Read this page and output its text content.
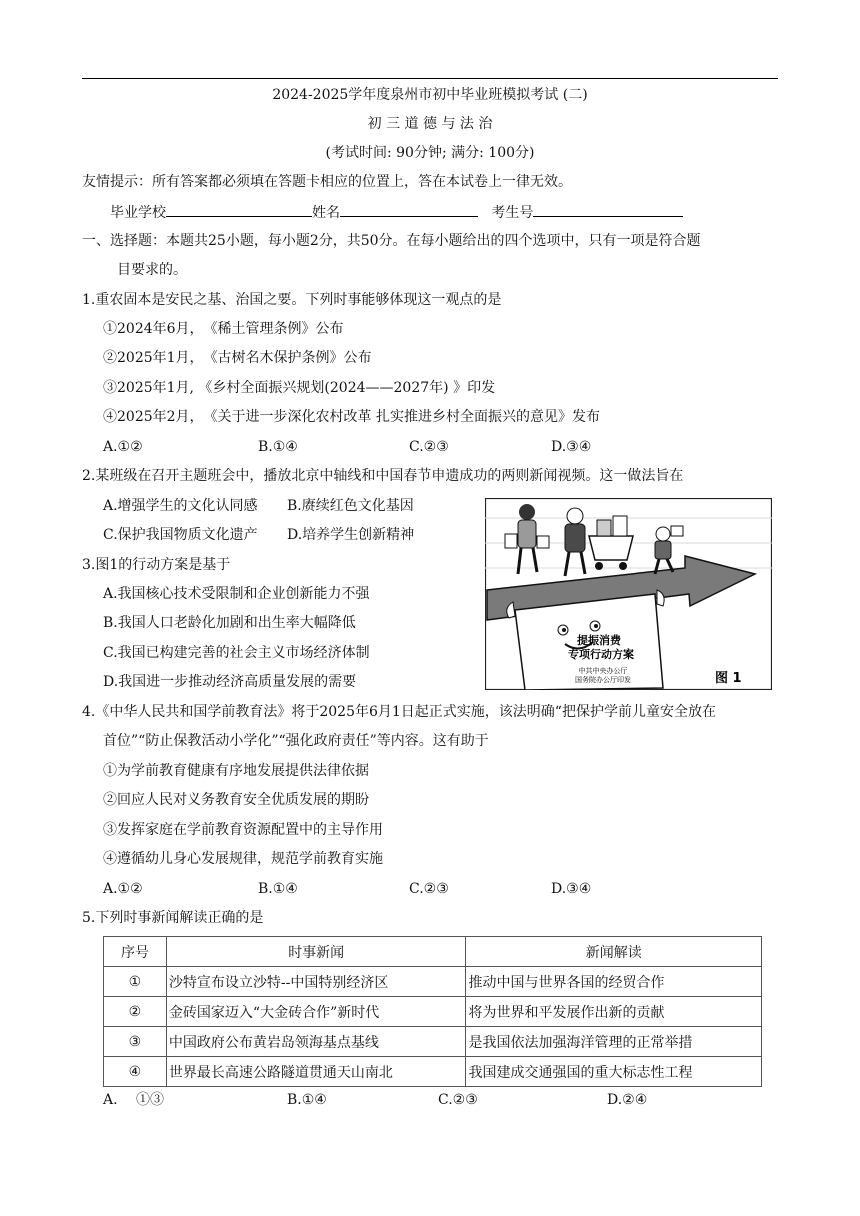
2024-2025学年度泉州市初中毕业班模拟考试 (二)
初 三 道 德 与 法 治
(考试时间: 90分钟; 满分: 100分)
友情提示：所有答案都必须填在答题卡相应的位置上，答在本试卷上一律无效。
毕业学校	姓名	考生号
一、选择题：本题共25小题，每小题2分，共50分。在每小题给出的四个选项中，只有一项是符合题
目要求的。
1.重农固本是安民之基、治国之要。下列时事能够体现这一观点的是
①2024年6月，　《稀土管理条例》公布
②2025年1月，　《古树名木保护条例》公布
③2025年1月, 《乡村全面振兴规划(2024——2027年) 》印发
④2025年2月，　《关于进一步深化农村改革 扎实推进乡村全面振兴的意见》发布
A.①②	B.①④	C.②③	D.③④
2.某班级在召开主题班会中，播放北京中轴线和中国春节申遗成功的两则新闻视频。这一做法旨在
A.增强学生的文化认同感 B.赓续红色文化基因
C.保护我国物质文化遗产 D.培养学生创新精神
3.图1的行动方案是基于
A.我国核心技术受限制和企业创新能力不强
B.我国人口老龄化加剧和出生率大幅降低
C.我国已构建完善的社会主义市场经济体制
D.我国进一步推动经济高质量发展的需要
提振消费
专项行动方案
中共中央办公厅
国务院办公厅印发	图 1
4.《中华人民共和国学前教育法》将于2025年6月1日起正式实施，该法明确“把保护学前儿童安全放在
首位”“防止保教活动小学化”“强化政府责任”等内容。这有助于
①为学前教育健康有序地发展提供法律依据
②回应人民对义务教育安全优质发展的期盼
③发挥家庭在学前教育资源配置中的主导作用
④遵循幼儿身心发展规律，规范学前教育实施
A.①②	B.①④	C.②③	D.③④
5.下列时事新闻解读正确的是
序号	时事新闻	新闻解读
①	沙特宣布设立沙特--中国特别经济区	推动中国与世界各国的经贸合作
②	金砖国家迈入“大金砖合作”新时代	将为世界和平发展作出新的贡献
③	中国政府公布黄岩岛领海基点基线	是我国依法加强海洋管理的正常举措
④	世界最长高速公路隧道贯通天山南北	我国建成交通强国的重大标志性工程
A.　 ①③	B.①④	C.②③	D.②④
